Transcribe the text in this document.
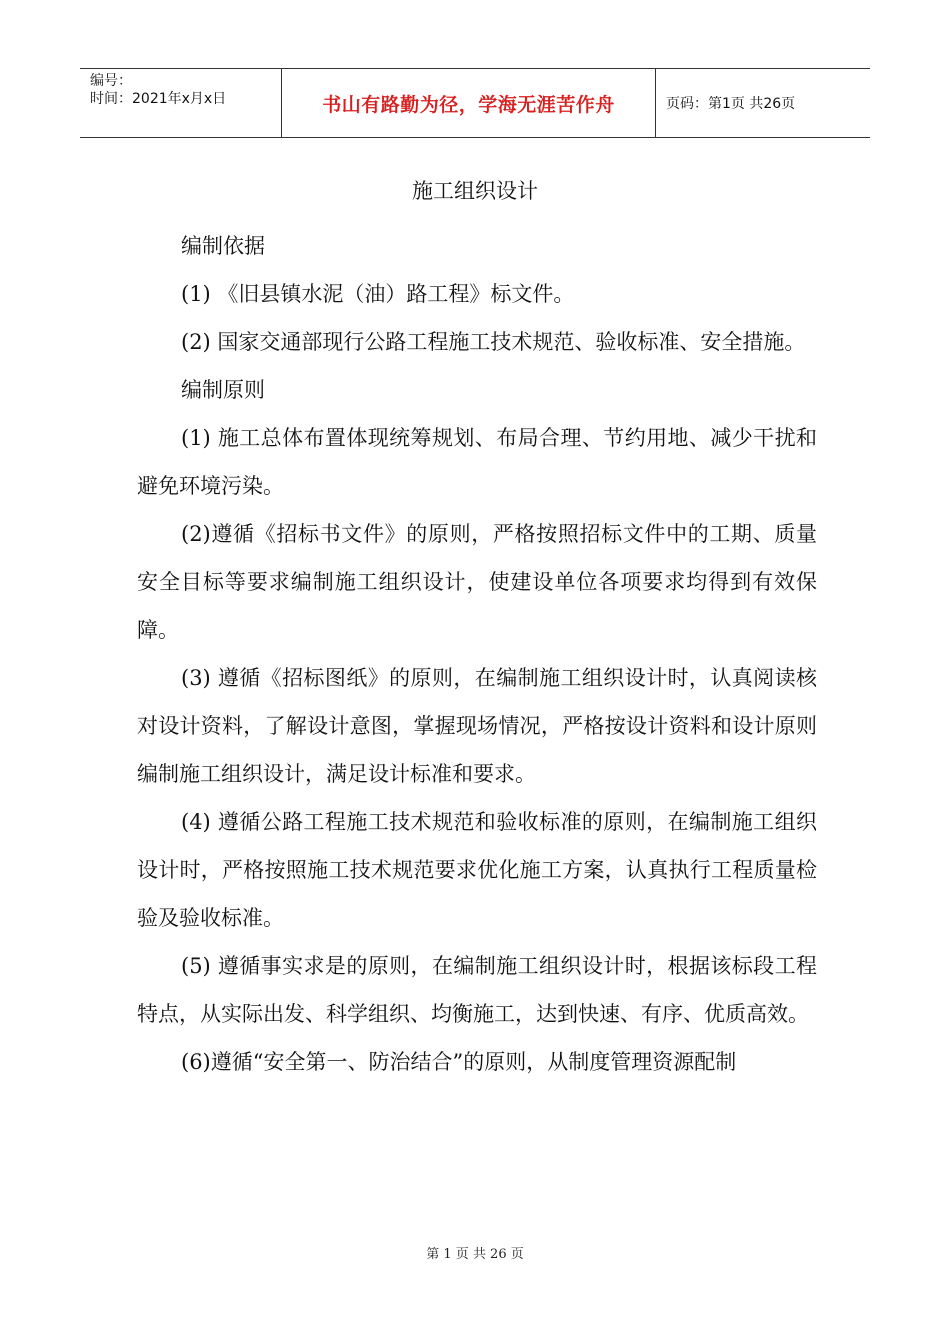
编号：
时间：2021年x月x日	书山有路勤为径，学海无涯苦作舟	页码：第1页 共26页
施工组织设计

编制依据

(1) 《旧县镇水泥（油）路工程》标文件。

(2) 国家交通部现行公路工程施工技术规范、验收标准、安全措施。

编制原则

(1) 施工总体布置体现统筹规划、布局合理、节约用地、减少干扰和避免环境污染。

(2)遵循《招标书文件》的原则，严格按照招标文件中的工期、质量安全目标等要求编制施工组织设计，使建设单位各项要求均得到有效保障。

(3) 遵循《招标图纸》的原则，在编制施工组织设计时，认真阅读核对设计资料，了解设计意图，掌握现场情况，严格按设计资料和设计原则编制施工组织设计，满足设计标准和要求。

(4) 遵循公路工程施工技术规范和验收标准的原则，在编制施工组织设计时，严格按照施工技术规范要求优化施工方案，认真执行工程质量检验及验收标准。

(5) 遵循事实求是的原则，在编制施工组织设计时，根据该标段工程特点，从实际出发、科学组织、均衡施工，达到快速、有序、优质高效。

(6)遵循“安全第一、防治结合”的原则，从制度管理资源配制

第 1 页 共 26 页
